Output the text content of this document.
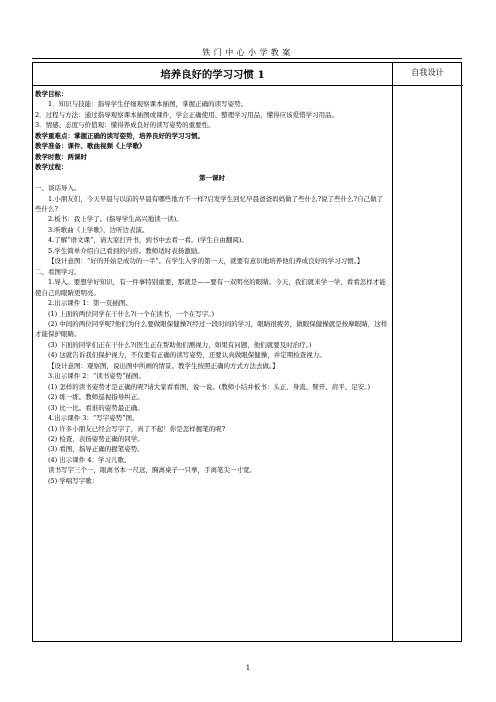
铁门中心小学教案
培养良好的学习习惯 1	自我设计

教学目标：

1．知识与技能：指导学生仔细观察课本插图，掌握正确的读写姿势。

2．过程与方法：通过指导观察课本插图或课件，学会正确使用、整理学习用品，懂得应该爱惜学习用品。

3．情感、态度与价值观：懂得养成良好的读写姿势的重要性。

教学重难点：掌握正确的读写姿势，培养良好的学习习惯。

教学准备：课件、歌曲视频《上学歌》

教学时数：两课时

教学过程：

第一课时

一、谈话导入。

1.小朋友们，今天早晨与以前的早晨有哪些地方不一样?启发学生回忆早晨爸爸妈妈做了些什么?说了些什么?自己做了些什么?

2.板书：我上学了。(指导学生高兴地读一读)。

3.听歌曲《上学歌》，边听边表演。

4.了解“语文课”，请大家打开书，到书中去看一看。(学生自由翻阅)。

5.学生简单介绍自己看到的内容。教师适时表扬激励。

【设计意图：“好的开始是成功的一半”。在学生入学的第一天，就要有意识地培养他们养成良好的学习习惯。】

二、看图学习。

1.导入。要想学好知识，有一件事特别重要，那就是——要有一双明亮的眼睛。今天，我们就来学一学，看看怎样才能使自己的眼睛更明亮。

2.出示课件 1：第一页插图。

(1) 上面的两位同学在干什么?(一个在读书，一个在写字。)

(2) 中间的两位同学呢?他们为什么要做眼保健操?(经过一段时间的学习，眼睛很疲劳，做眼保健操就是按摩眼睛，这样才能保护眼睛。

(3) 下面的同学们正在干什么?(医生正在帮助他们测视力，如果有问题，他们就要及时治疗。)

(4) 这就告诉我们保护视力，不仅要有正确的读写姿势，还要认真做眼保健操，并定期检查视力。

【设计意图：观察图，说出图中所画的情景。教学生按照正确的方式方法去做。】

3.出示课件 2：“读书姿势”插图。

(1) 怎样的读书姿势才是正确的呢?请大家看看图，说一说。(教师小结并板书：头正、身直、臂开、肩平、足安。)

(2) 练一练。教师巡视指导纠正。

(3) 比一比。看谁的姿势最正确。

4.出示课件 3：“写字姿势”图。

(1) 许多小朋友已经会写字了，真了不起！你是怎样握笔的呢?

(2) 检查，表扬姿势正确的同学。

(3) 看图，指导正确的握笔姿势。

(4) 出示课件 4：学习儿歌。

读书写字三个一，眼离书本一尺远，胸离桌子一只拳，手离笔尖一寸宽。

(5) 学唱写字歌：

1
